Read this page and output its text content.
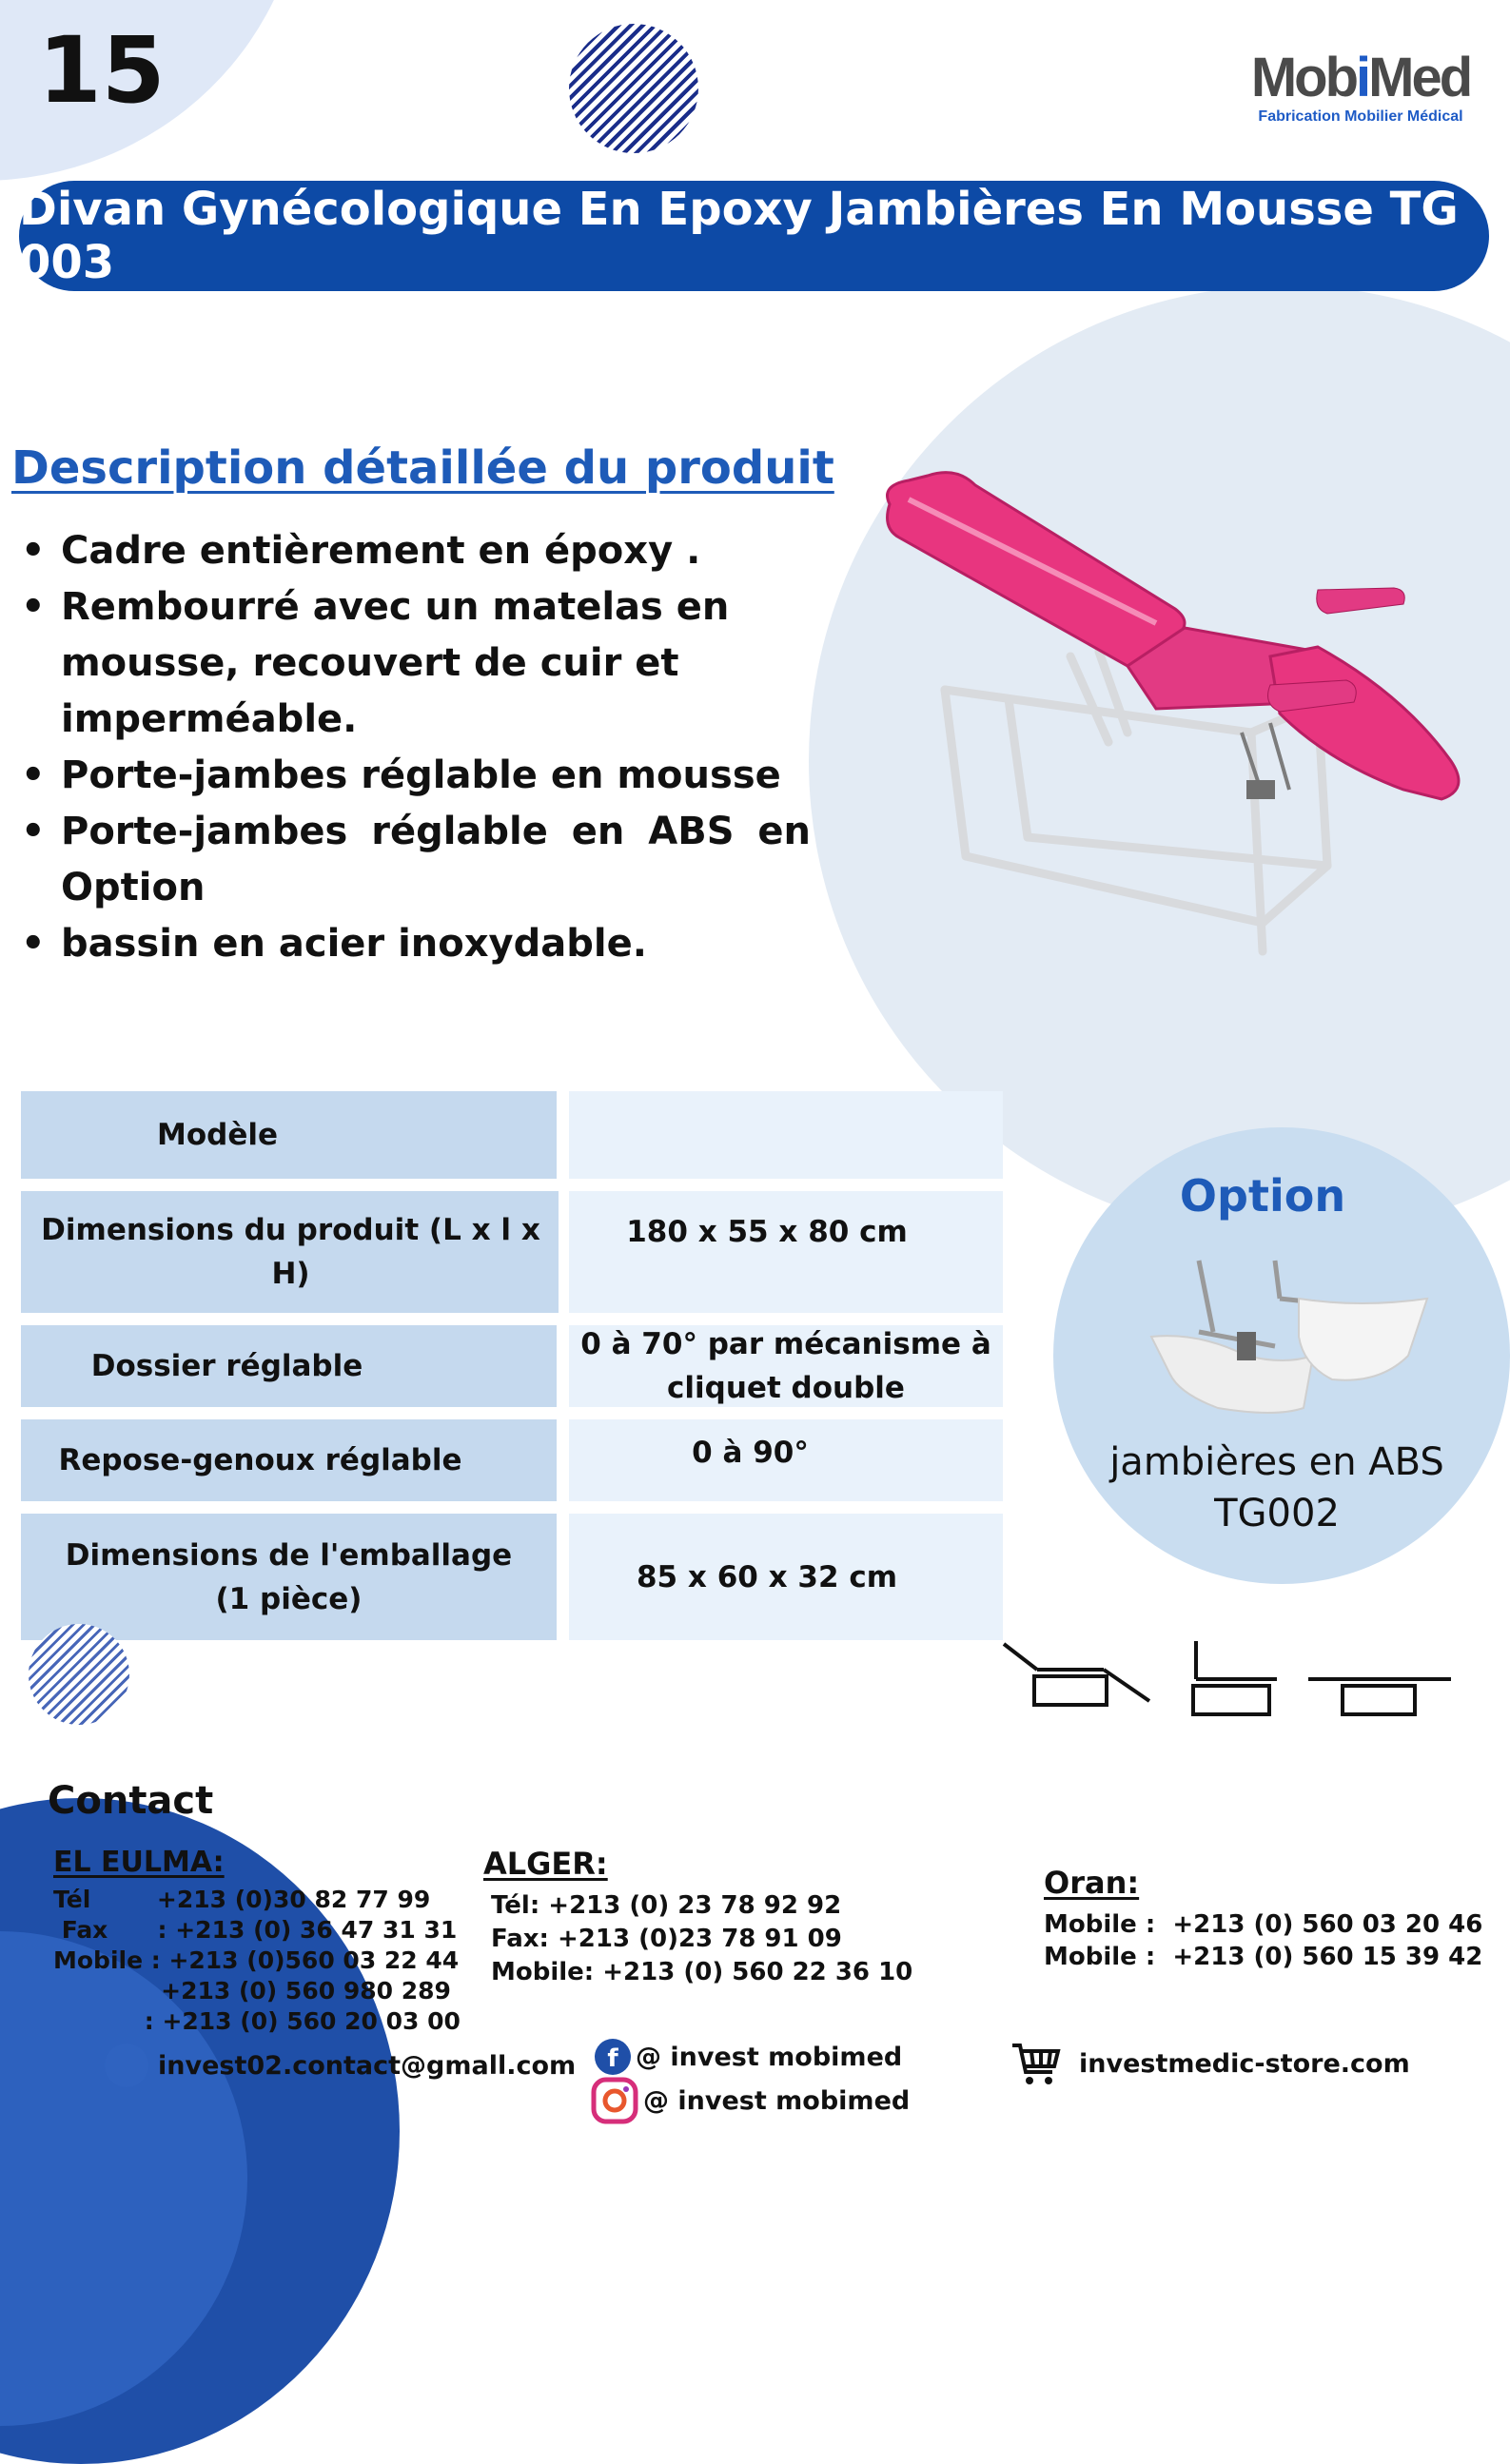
15	MobiMed
Fabrication Mobilier Médical
Divan Gynécologique En Epoxy Jambières En Mousse TG 003
Description détaillée du produit
• Cadre entièrement en époxy .
• Rembourré avec un matelas en mousse, recouvert de cuir et imperméable.
• Porte-jambes réglable en mousse
• Porte-jambes réglable en ABS en Option
• bassin en acier inoxydable.
Modèle
Dimensions du produit (L x l x H)
180 x 55 x 80 cm
Dossier réglable
0 à 70° par mécanisme à cliquet double
Repose-genoux réglable	0 à 90°
Dimensions de l'emballage (1 pièce)
85 x 60 x 32 cm
Option
jambières en ABS
TG002
Contact
EL EULMA:
Tél        +213 (0)30 82 77 99
Fax      : +213 (0) 36 47 31 31
Mobile : +213 (0)560 03 22 44
+213 (0) 560 980 289
: +213 (0) 560 20 03 00
ALGER:
Tél: +213 (0) 23 78 92 92
Fax: +213 (0)23 78 91 09
Mobile: +213 (0) 560 22 36 10
Oran:
Mobile :  +213 (0) 560 03 20 46
Mobile :  +213 (0) 560 15 39 42
invest02.contact@gmall.com f @ invest mobimed
@ invest mobimed
investmedic-store.com
